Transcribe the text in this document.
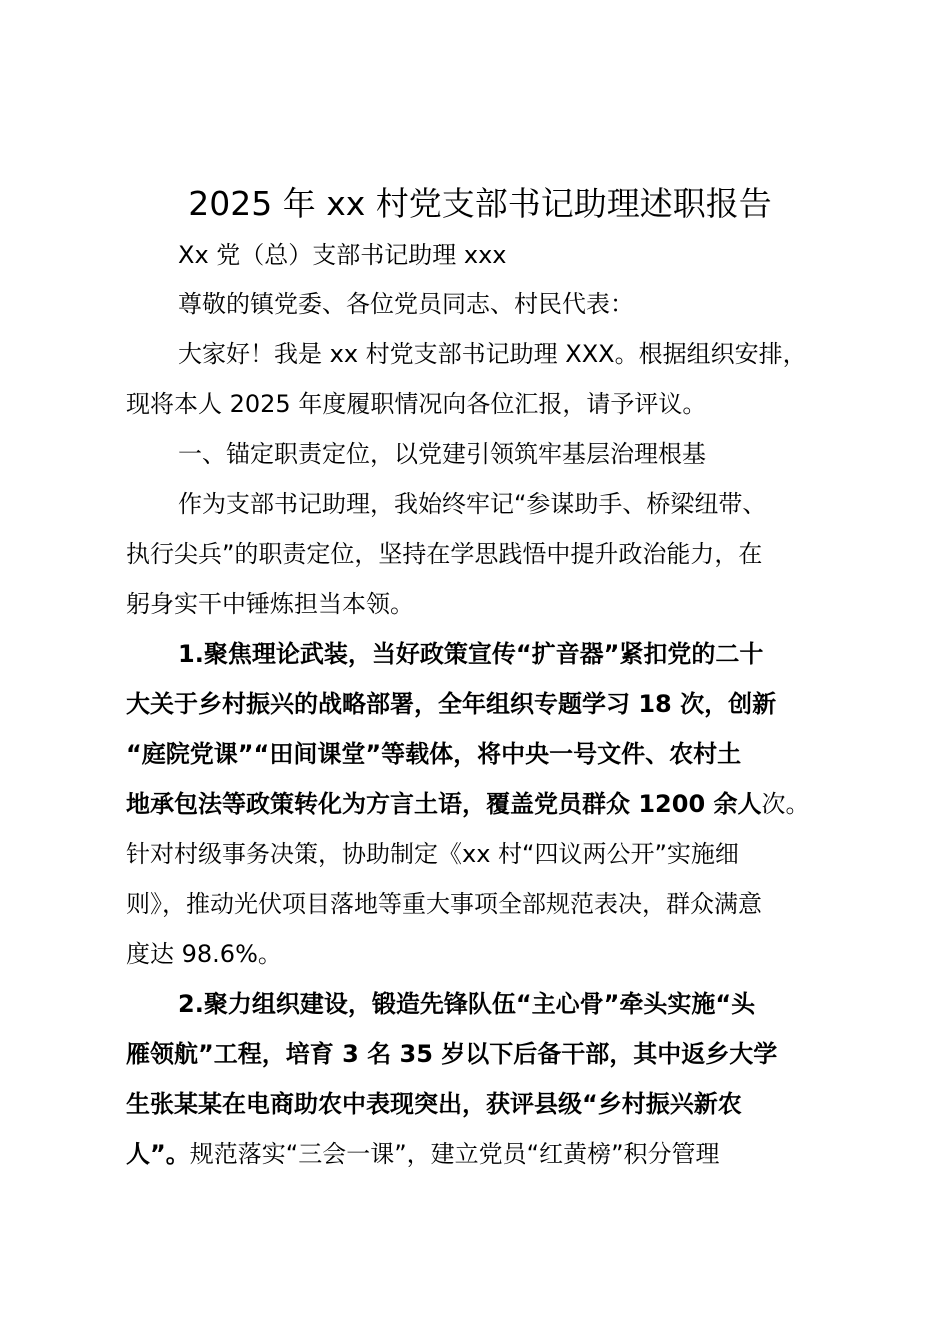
2025 年 xx 村党支部书记助理述职报告
Xx 党（总）支部书记助理 xxx
尊敬的镇党委、各位党员同志、村民代表：
大家好！我是 xx 村党支部书记助理 XXX。根据组织安排，
现将本人 2025 年度履职情况向各位汇报，请予评议。
一、锚定职责定位，以党建引领筑牢基层治理根基
作为支部书记助理，我始终牢记“参谋助手、桥梁纽带、
执行尖兵”的职责定位，坚持在学思践悟中提升政治能力，在
躬身实干中锤炼担当本领。
1.聚焦理论武装，当好政策宣传“扩音器”紧扣党的二十
大关于乡村振兴的战略部署，全年组织专题学习 18 次，创新
“庭院党课”“田间课堂”等载体，将中央一号文件、农村土
地承包法等政策转化为方言土语，覆盖党员群众 1200 余人次。
针对村级事务决策，协助制定《xx 村“四议两公开”实施细
则》，推动光伏项目落地等重大事项全部规范表决，群众满意
度达 98.6%。
2.聚力组织建设，锻造先锋队伍“主心骨”牵头实施“头
雁领航”工程，培育 3 名 35 岁以下后备干部，其中返乡大学
生张某某在电商助农中表现突出，获评县级“乡村振兴新农
人”。规范落实“三会一课”，建立党员“红黄榜”积分管理
